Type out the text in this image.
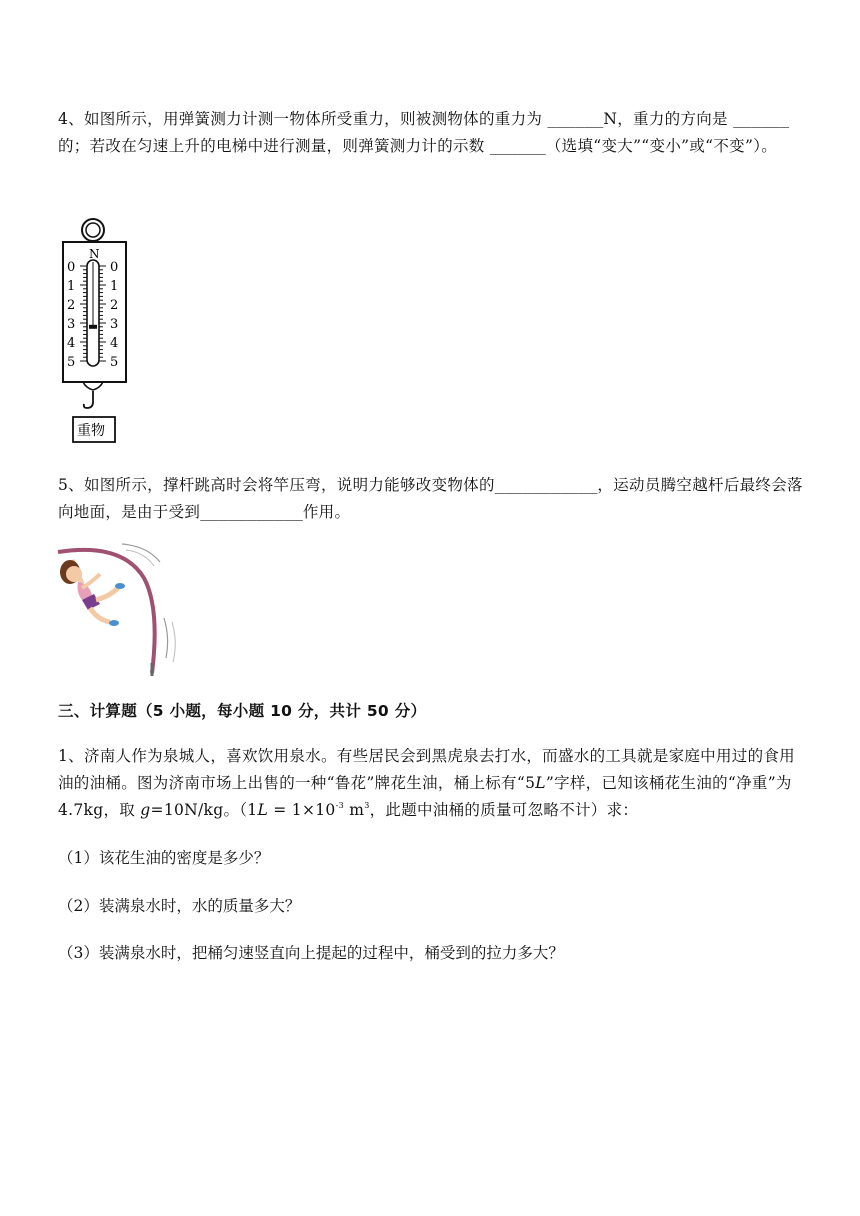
4、如图所示，用弹簧测力计测一物体所受重力，则被测物体的重力为 ______N，重力的方向是 ______的；若改在匀速上升的电梯中进行测量，则弹簧测力计的示数 ______（选填“变大”“变小”或“不变”）。
N
0	0
1	1
2	2
3	3
4	4
5	5
重物
5、如图所示，撑杆跳高时会将竿压弯，说明力能够改变物体的___________，运动员腾空越杆后最终会落向地面，是由于受到___________作用。
三、计算题（5 小题，每小题 10 分，共计 50 分）
1、济南人作为泉城人，喜欢饮用泉水。有些居民会到黑虎泉去打水，而盛水的工具就是家庭中用过的食用油的油桶。图为济南市场上出售的一种“鲁花”牌花生油，桶上标有“5L”字样，已知该桶花生油的“净重”为 4.7kg，取 g=10N/kg。（$1L = 1\times 10^{-3}$ $m^3$，此题中油桶的质量可忽略不计）求：
（1）该花生油的密度是多少？
（2）装满泉水时，水的质量多大？
（3）装满泉水时，把桶匀速竖直向上提起的过程中，桶受到的拉力多大？
